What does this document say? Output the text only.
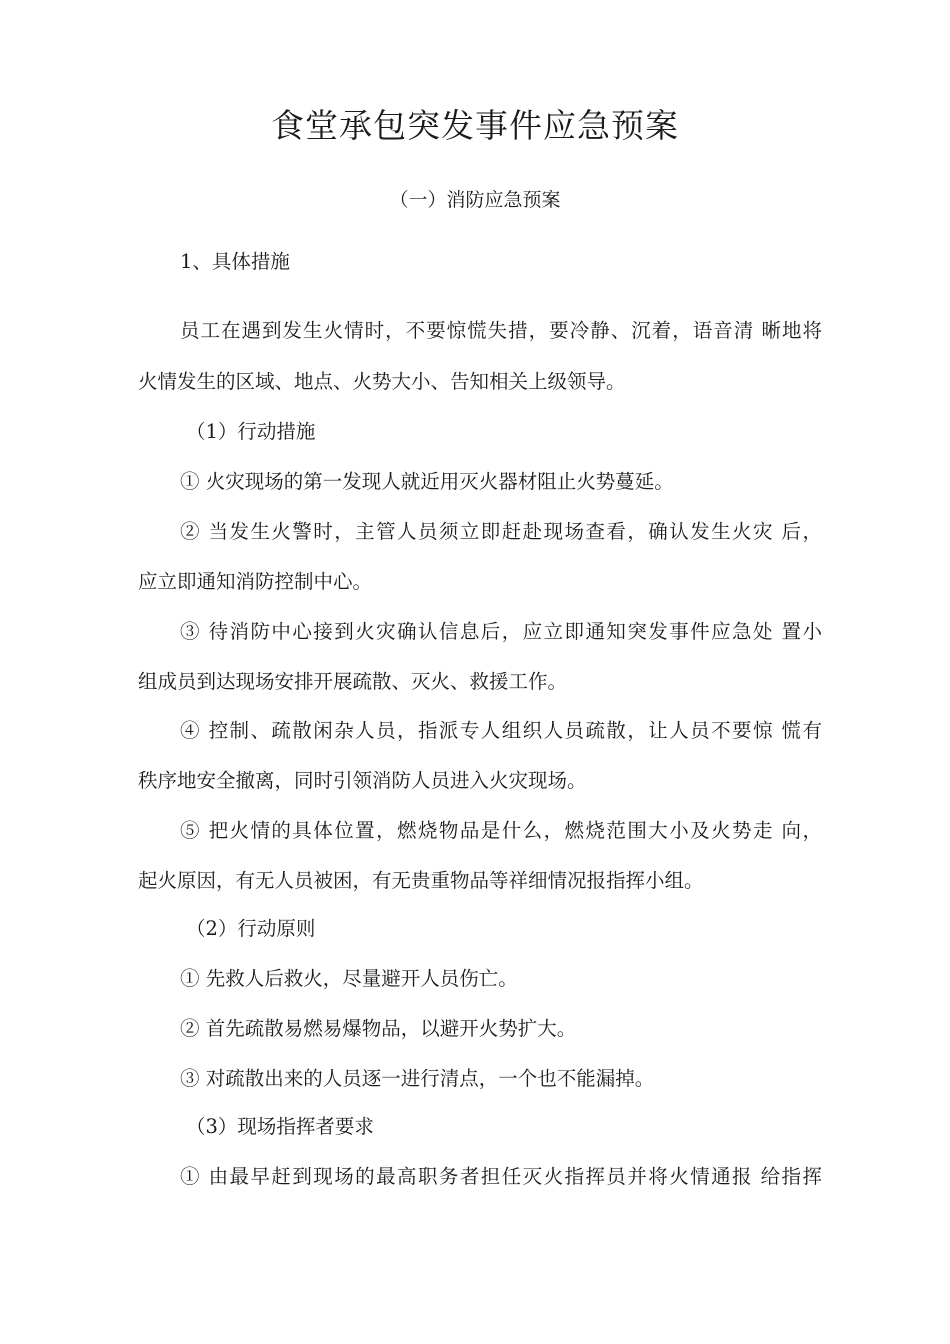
食堂承包突发事件应急预案
（一）消防应急预案
1、具体措施
员工在遇到发生火情时，不要惊慌失措，要冷静、沉着，语音清 晰地将
火情发生的区域、地点、火势大小、告知相关上级领导。
（1）行动措施
① 火灾现场的第一发现人就近用灭火器材阻止火势蔓延。
② 当发生火警时，主管人员须立即赶赴现场查看，确认发生火灾 后，
应立即通知消防控制中心。
③ 待消防中心接到火灾确认信息后，应立即通知突发事件应急处 置小
组成员到达现场安排开展疏散、灭火、救援工作。
④ 控制、疏散闲杂人员，指派专人组织人员疏散，让人员不要惊 慌有
秩序地安全撤离，同时引领消防人员进入火灾现场。
⑤ 把火情的具体位置，燃烧物品是什么，燃烧范围大小及火势走 向，
起火原因，有无人员被困，有无贵重物品等祥细情况报指挥小组。
（2）行动原则
① 先救人后救火，尽量避开人员伤亡。
② 首先疏散易燃易爆物品，以避开火势扩大。
③ 对疏散出来的人员逐一进行清点，一个也不能漏掉。
（3）现场指挥者要求
① 由最早赶到现场的最高职务者担任灭火指挥员并将火情通报 给指挥
